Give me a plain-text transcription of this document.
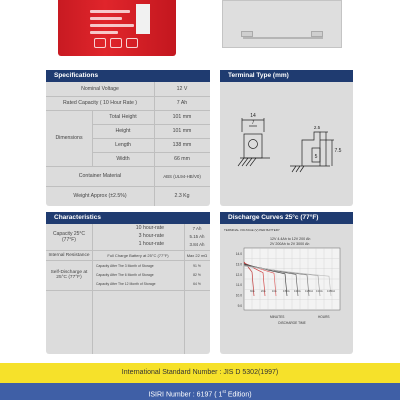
Specifications
Nominal Voltage	12 V
Rated Capacity ( 10 Hour Rate )	7 Ah
Dimensions
Total Height	101 mm
Height	101 mm
Length	138 mm
Width	66 mm
Container Material	ABS (UL94-HB/V0)
Weight Approx (±2.5%)	2.3 Kg
Terminal Type (mm)
14
7
2.5
5
7.5
Characteristics
Capacity 25°C (77°F)
10 hour-rate	7 Ah
3 hour-rate	5.15 Ah
1 hour-rate	3.84 Ah
Internal Resistance	Full Charge Battery at 25°C (77°F)	Max 22 mΩ
Self-Discharge at 25°C (77°F)
Capacity After The 3 Month of Storage	91 %
Capacity After The 6 Month of Storage	82 %
Capacity After The 12 Month of Storage	64 %
Discharge Curves 25°c (77°F)
TERMINAL VOLTAGE (V) PER BATTERY
12V 4.4Ah to 12V 200 Ah
2V 200Ah to 2V 3000 Ah
14.0
13.0
12.0
11.0
10.0
9.0
3CA	2CA	1CA	0.6CA 0.4CA 0.25CA 0.1CA 0.05CA
MINUTES	HOURS
DISCHARGE TIME
International Standard Number : JIS D 5302(1997)
ISIRI Number : 6197 ( 1st Edition)
